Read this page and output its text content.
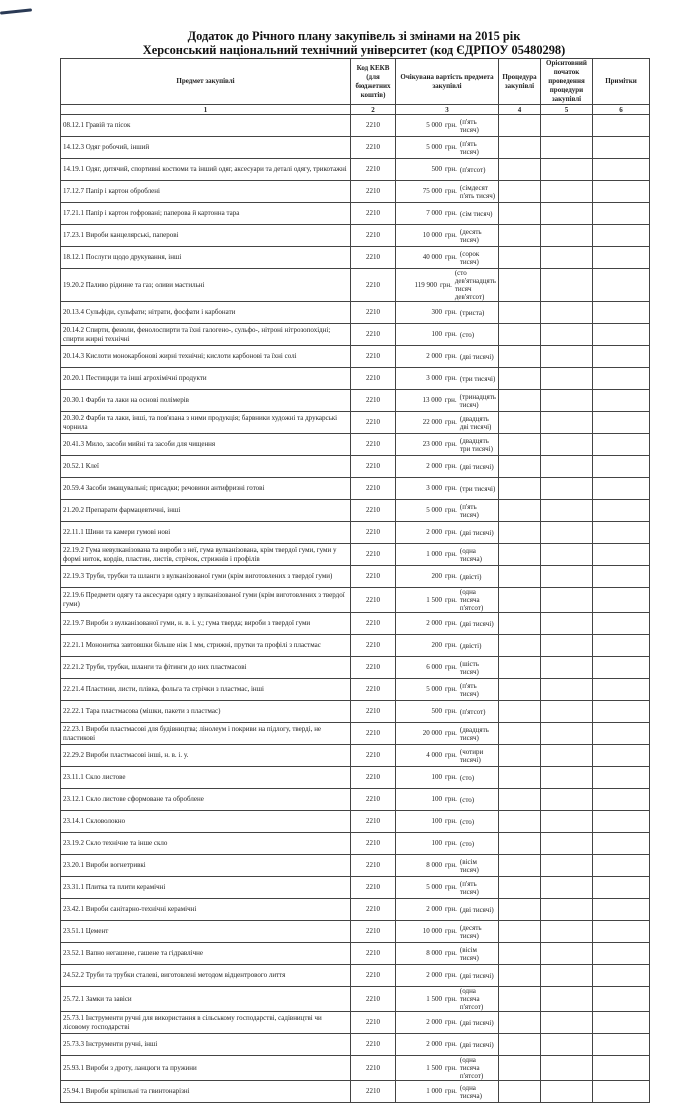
Додаток до Річного плану закупівель зі змінами на 2015 рік
Херсонський національний технічний університет (код ЄДРПОУ 05480298)
Предмет закупівлі	Код КЕКВ (для бюджетних коштів)	Очікувана вартість предмета закупівлі	Процедура закупівлі	Орієнтовний початок проведення процедури закупівлі	Примітки
1	2	3	4	5	6
08.12.1 Гравій та пісок	2210	5 000 грн. (п'ять тисяч)			

14.12.3 Одяг робочий, інший	2210	5 000 грн. (п'ять тисяч)			

14.19.1 Одяг, дитячий, спортивні костюми та інший одяг, аксесуари та деталі одягу, трикотажні	2210	500 грн. (п'ятсот)			

17.12.7 Папір і картон оброблені	2210	75 000 грн. (сімдесят п'ять тисяч)			

17.21.1 Папір і картон гофровані; паперова й картонна тара	2210	7 000 грн. (сім тисяч)			

17.23.1 Вироби канцелярські, паперові	2210	10 000 грн. (десять тисяч)			

18.12.1 Послуги щодо друкування, інші	2210	40 000 грн. (сорок тисяч)			

19.20.2 Паливо рідинне та газ; оливи мастильні	2210	119 900 грн.
(сто дев'ятнадцять тисяч дев'ятсот)			

20.13.4 Сульфіди, сульфати; нітрати, фосфати і карбонати	2210	300 грн. (триста)			

20.14.2 Спирти, феноли, фенолоспирти та їхні галогено-, сульфо-, нітроні нітрозопохідні; спирти жирні технічні	2210	100 грн. (сто)			

20.14.3 Кислоти монокарбонові жирні технічні; кислоти карбонові та їхні солі	2210	2 000 грн. (дві тисячі)			

20.20.1 Пестициди та інші агрохімічні продукти	2210	3 000 грн. (три тисячі)			

20.30.1 Фарби та лаки на основі полімерів	2210	13 000 грн. (тринадцять тисяч)			

20.30.2 Фарби та лаки, інші, та пов'язана з ними продукція; барвники художні та друкарські чорнила	2210	22 000 грн. (двадцять дві тисячі)			

20.41.3 Мило, засоби мийні та засоби для чищення	2210	23 000 грн. (двадцять три тисячі)			

20.52.1 Клеї	2210	2 000 грн. (дві тисячі)			

20.59.4 Засоби змащувальні; присадки; речовини антифризні готові	2210	3 000 грн. (три тисячі)			

21.20.2 Препарати фармацевтичні, інші	2210	5 000 грн. (п'ять тисяч)			

22.11.1 Шини та камери гумові нові	2210	2 000 грн. (дві тисячі)			

22.19.2 Гума невулканізована та вироби з неї, гума вулканізована, крім твердої гуми, гуми у формі ниток, кордів, пластин, листів, стрічок, стрижнів і профілів	2210	1 000 грн. (одна тисяча)			

22.19.3 Труби, трубки та шланги з вулканізованої гуми (крім виготовлених з твердої гуми)	2210	200 грн. (двісті)			

22.19.6 Предмети одягу та аксесуари одягу з вулканізованої гуми (крім виготовлених з твердої гуми)	2210	1 500 грн.
(одна тисяча п'ятсот)			

22.19.7 Вироби з вулканізованої гуми, н. в. і. у.; гума тверда; вироби з твердої гуми	2210	2 000 грн. (дві тисячі)			

22.21.1 Мононитка завтовшки більше ніж 1 мм, стрижні, прутки та профілі з пластмас	2210	200 грн. (двісті)			

22.21.2 Труби, трубки, шланги та фітинги до них пластмасові	2210	6 000 грн. (шість тисяч)			

22.21.4 Пластини, листи, плівка, фольга та стрічки з пластмас, інші	2210	5 000 грн. (п'ять тисяч)			

22.22.1 Тара пластмасова (мішки, пакети з пластмас)	2210	500 грн. (п'ятсот)			

22.23.1 Вироби пластмасові для будівництва; лінолеум і покриви на підлогу, тверді, не пластикові	2210	20 000 грн. (двадцять тисяч)			

22.29.2 Вироби пластмасові інші, н. в. і. у.	2210	4 000 грн. (чотири тисячі)			

23.11.1 Скло листове	2210	100 грн. (сто)			

23.12.1 Скло листове сформоване та оброблене	2210	100 грн. (сто)			

23.14.1 Скловолокно	2210	100 грн. (сто)			

23.19.2 Скло технічне та інше скло	2210	100 грн. (сто)			

23.20.1 Вироби вогнетривкі	2210	8 000 грн. (вісім тисяч)			

23.31.1 Плитка та плити керамічні	2210	5 000 грн. (п'ять тисяч)			

23.42.1 Вироби санітарно-технічні керамічні	2210	2 000 грн. (дві тисячі)			

23.51.1 Цемент	2210	10 000 грн. (десять тисяч)			

23.52.1 Вапно негашене, гашене та гідравлічне	2210	8 000 грн. (вісім тисяч)			

24.52.2 Труби та трубки сталеві, виготовлені методом відцентрового лиття	2210	2 000 грн. (дві тисячі)			

25.72.1 Замки та завіси	2210	1 500 грн.
(одна тисяча п'ятсот)			

25.73.1 Інструменти ручні для використання в сільському господарстві, садівництві чи лісовому господарстві	2210	2 000 грн. (дві тисячі)			

25.73.3 Інструменти ручні, інші	2210	2 000 грн. (дві тисячі)			

25.93.1 Вироби з дроту, ланцюги та пружини	2210	1 500 грн.
(одна тисяча п'ятсот)			

25.94.1 Вироби кріпильні та гвинтонарізні	2210	1 000 грн. (одна тисяча)			
